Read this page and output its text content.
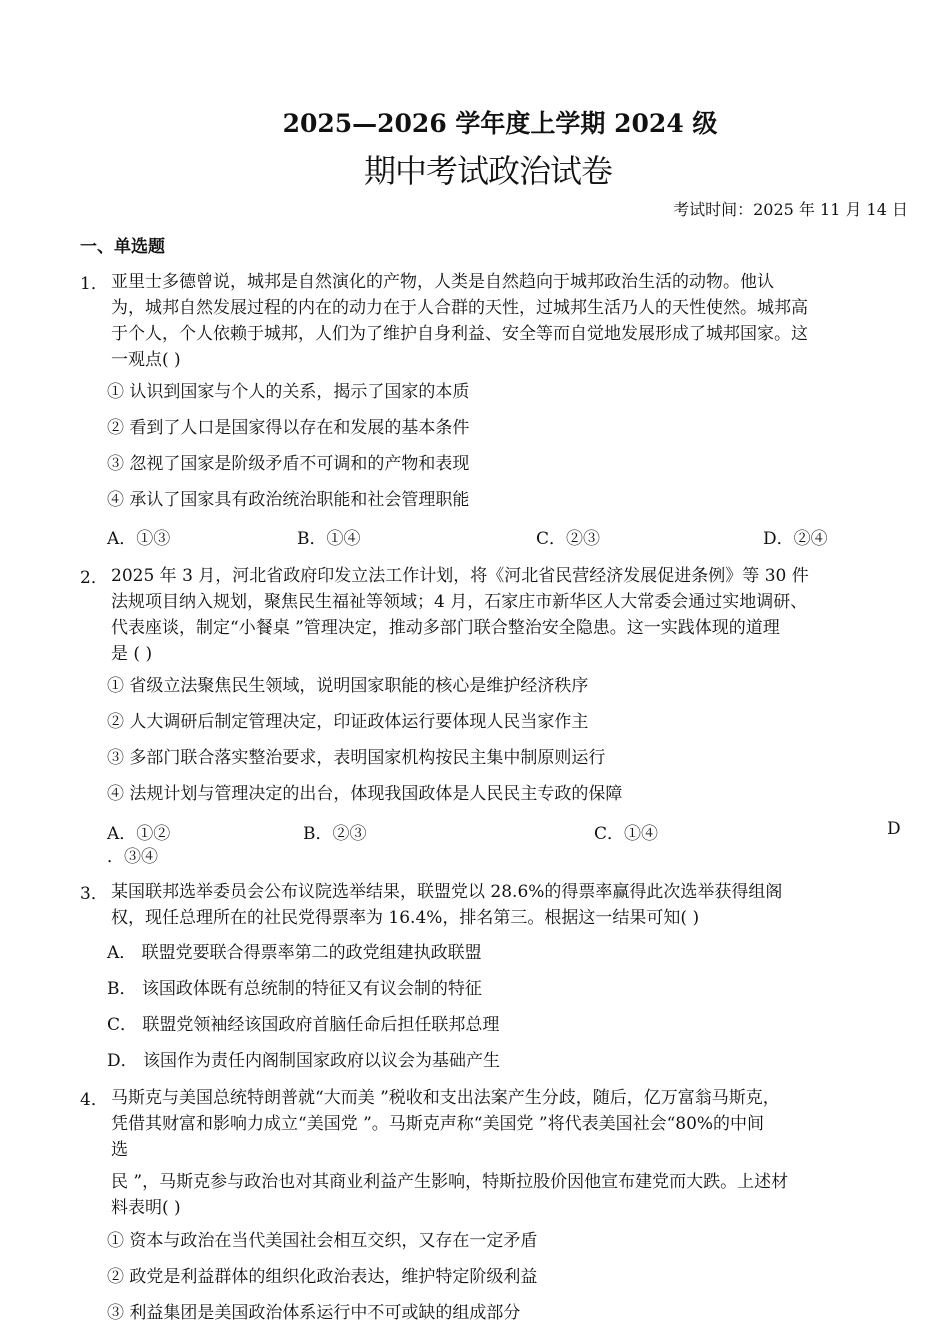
2025—2026 学年度上学期 2024 级
期中考试政治试卷
考试时间：2025 年 11 月 14 日
一、单选题
1． 亚里士多德曾说，城邦是自然演化的产物，人类是自然趋向于城邦政治生活的动物。他认
为，城邦自然发展过程的内在的动力在于人合群的天性，过城邦生活乃人的天性使然。城邦高
于个人，个人依赖于城邦，人们为了维护自身利益、安全等而自觉地发展形成了城邦国家。这
一观点( )
① 认识到国家与个人的关系，揭示了国家的本质
② 看到了人口是国家得以存在和发展的基本条件
③ 忽视了国家是阶级矛盾不可调和的产物和表现
④ 承认了国家具有政治统治职能和社会管理职能
A．①③	B．①④	C．②③	D．②④
2． 2025 年 3 月，河北省政府印发立法工作计划，将《河北省民营经济发展促进条例》等 30 件
法规项目纳入规划，聚焦民生福祉等领域；4 月，石家庄市新华区人大常委会通过实地调研、
代表座谈，制定“小餐桌 ”管理决定，推动多部门联合整治安全隐患。这一实践体现的道理
是 ( )
① 省级立法聚焦民生领域，说明国家职能的核心是维护经济秩序
② 人大调研后制定管理决定，印证政体运行要体现人民当家作主
③ 多部门联合落实整治要求，表明国家机构按民主集中制原则运行
④ 法规计划与管理决定的出台，体现我国政体是人民民主专政的保障
A．①②	B．②③	C．①④	D
．③④
3． 某国联邦选举委员会公布议院选举结果，联盟党以 28.6%的得票率赢得此次选举获得组阁
权，现任总理所在的社民党得票率为 16.4%，排名第三。根据这一结果可知( )
A． 联盟党要联合得票率第二的政党组建执政联盟
B． 该国政体既有总统制的特征又有议会制的特征
C． 联盟党领袖经该国政府首脑任命后担任联邦总理
D． 该国作为责任内阁制国家政府以议会为基础产生
4． 马斯克与美国总统特朗普就“大而美 ”税收和支出法案产生分歧，随后，亿万富翁马斯克，
凭借其财富和影响力成立“美国党 ”。马斯克声称“美国党 ”将代表美国社会“80%的中间
选
民 ”，马斯克参与政治也对其商业利益产生影响，特斯拉股价因他宣布建党而大跌。上述材
料表明( )
① 资本与政治在当代美国社会相互交织，又存在一定矛盾
② 政党是利益群体的组织化政治表达，维护特定阶级利益
③ 利益集团是美国政治体系运行中不可或缺的组成部分
